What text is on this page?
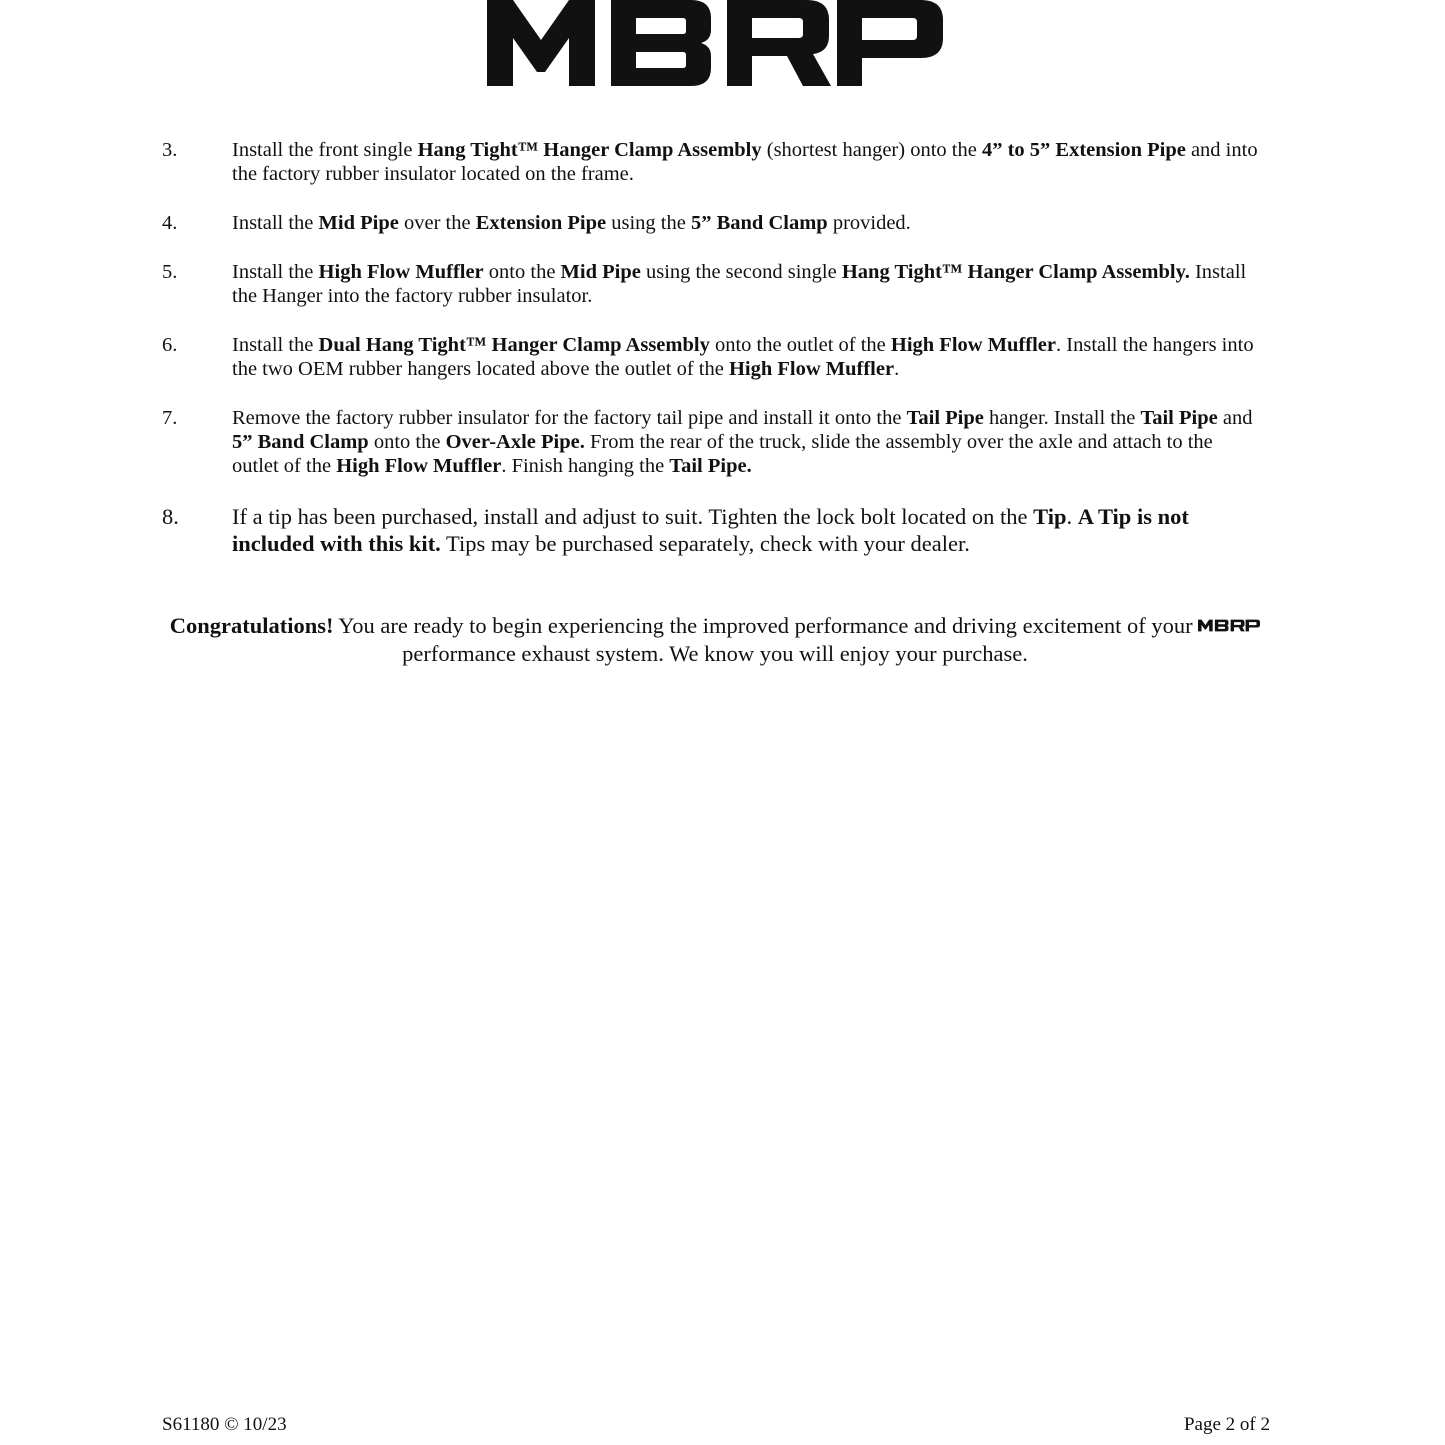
3.	Install the front single Hang Tight™ Hanger Clamp Assembly (shortest hanger) onto the 4” to 5” Extension Pipe and into the factory rubber insulator located on the frame.
4.	Install the Mid Pipe over the Extension Pipe using the 5” Band Clamp provided.
5.	Install the High Flow Muffler onto the Mid Pipe using the second single Hang Tight™ Hanger Clamp Assembly. Install the Hanger into the factory rubber insulator.
6.	Install the Dual Hang Tight™ Hanger Clamp Assembly onto the outlet of the High Flow Muffler. Install the hangers into the two OEM rubber hangers located above the outlet of the High Flow Muffler.
7.	Remove the factory rubber insulator for the factory tail pipe and install it onto the Tail Pipe hanger. Install the Tail Pipe and 5” Band Clamp onto the Over-Axle Pipe. From the rear of the truck, slide the assembly over the axle and attach to the outlet of the High Flow Muffler. Finish hanging the Tail Pipe.
8.	If a tip has been purchased, install and adjust to suit. Tighten the lock bolt located on the Tip. A Tip is not included with this kit. Tips may be purchased separately, check with your dealer.
Congratulations! You are ready to begin experiencing the improved performance and driving excitement of your  performance exhaust system. We know you will enjoy your purchase.
S61180 © 10/23	Page 2 of 2
